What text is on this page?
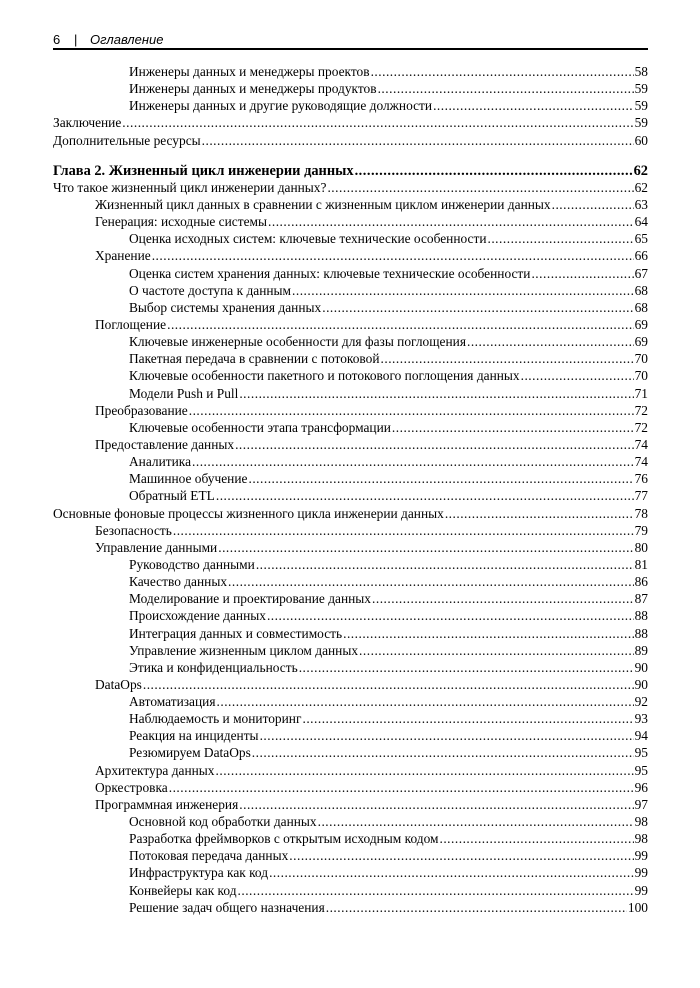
6 | Оглавление
Инженеры данных и менеджеры проектов .....	58
Инженеры данных и менеджеры продуктов .....	59
Инженеры данных и другие руководящие должности .....	59
Заключение .....	59
Дополнительные ресурсы .....	60
Глава 2. Жизненный цикл инженерии данных .....	62
Что такое жизненный цикл инженерии данных? .....	62
Жизненный цикл данных в сравнении с жизненным циклом инженерии данных .....	63
Генерация: исходные системы .....	64
Оценка исходных систем: ключевые технические особенности .....	65
Хранение .....	66
Оценка систем хранения данных: ключевые технические особенности .....	67
О частоте доступа к данным .....	68
Выбор системы хранения данных .....	68
Поглощение .....	69
Ключевые инженерные особенности для фазы поглощения .....	69
Пакетная передача в сравнении с потоковой .....	70
Ключевые особенности пакетного и потокового поглощения данных .....	70
Модели Push и Pull .....	71
Преобразование .....	72
Ключевые особенности этапа трансформации .....	72
Предоставление данных .....	74
Аналитика .....	74
Машинное обучение .....	76
Обратный ETL .....	77
Основные фоновые процессы жизненного цикла инженерии данных .....	78
Безопасность .....	79
Управление данными .....	80
Руководство данными .....	81
Качество данных .....	86
Моделирование и проектирование данных .....	87
Происхождение данных .....	88
Интеграция данных и совместимость .....	88
Управление жизненным циклом данных .....	89
Этика и конфиденциальность .....	90
DataOps .....	90
Автоматизация .....	92
Наблюдаемость и мониторинг .....	93
Реакция на инциденты .....	94
Резюмируем DataOps .....	95
Архитектура данных .....	95
Оркестровка .....	96
Программная инженерия .....	97
Основной код обработки данных .....	98
Разработка фреймворков с открытым исходным кодом .....	98
Потоковая передача данных .....	99
Инфраструктура как код .....	99
Конвейеры как код .....	99
Решение задач общего назначения .....	100
